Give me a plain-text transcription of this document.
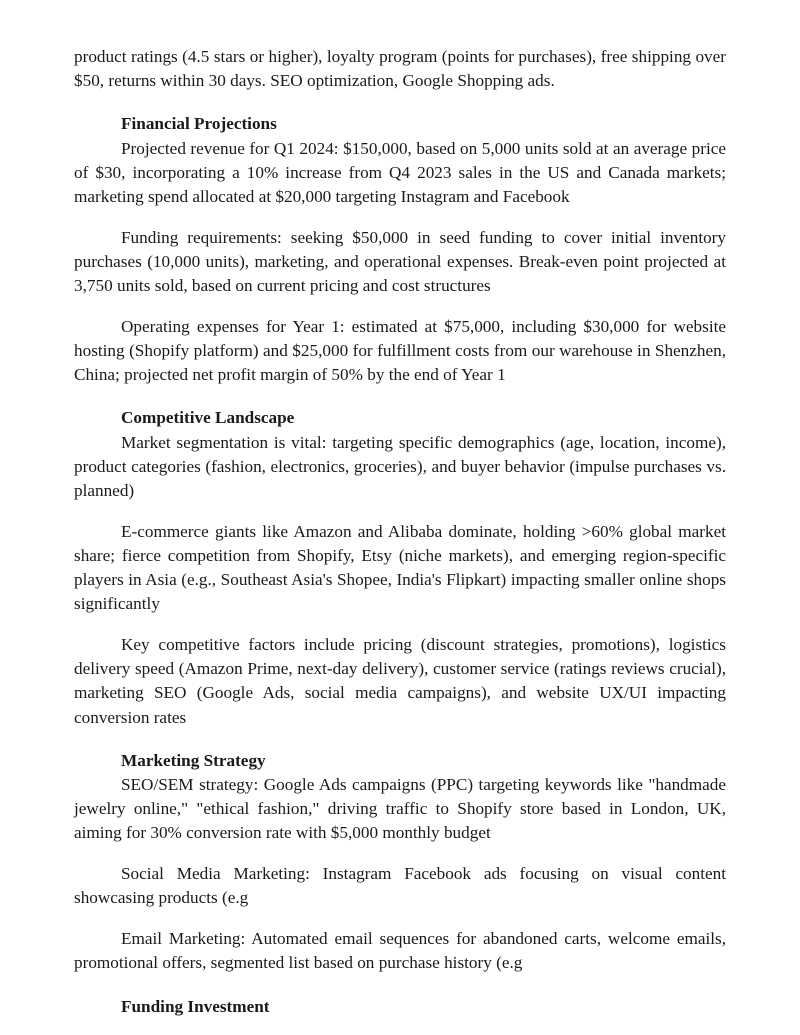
product ratings (4.5 stars or higher), loyalty program (points for purchases), free shipping over $50, returns within 30 days. SEO optimization, Google Shopping ads.

Financial Projections

Projected revenue for Q1 2024: $150,000, based on 5,000 units sold at an average price of $30, incorporating a 10% increase from Q4 2023 sales in the US and Canada markets; marketing spend allocated at $20,000 targeting Instagram and Facebook

Funding requirements: seeking $50,000 in seed funding to cover initial inventory purchases (10,000 units), marketing, and operational expenses. Break-even point projected at 3,750 units sold, based on current pricing and cost structures

Operating expenses for Year 1: estimated at $75,000, including $30,000 for website hosting (Shopify platform) and $25,000 for fulfillment costs from our warehouse in Shenzhen, China; projected net profit margin of 50% by the end of Year 1

Competitive Landscape

Market segmentation is vital: targeting specific demographics (age, location, income), product categories (fashion, electronics, groceries), and buyer behavior (impulse purchases vs. planned)

E-commerce giants like Amazon and Alibaba dominate, holding >60% global market share; fierce competition from Shopify, Etsy (niche markets), and emerging region-specific players in Asia (e.g., Southeast Asia's Shopee, India's Flipkart) impacting smaller online shops significantly

Key competitive factors include pricing (discount strategies, promotions), logistics delivery speed (Amazon Prime, next-day delivery), customer service (ratings reviews crucial), marketing SEO (Google Ads, social media campaigns), and website UX/UI impacting conversion rates

Marketing Strategy

SEO/SEM strategy: Google Ads campaigns (PPC) targeting keywords like "handmade jewelry online," "ethical fashion," driving traffic to Shopify store based in London, UK, aiming for 30% conversion rate with $5,000 monthly budget

Social Media Marketing: Instagram Facebook ads focusing on visual content showcasing products (e.g

Email Marketing: Automated email sequences for abandoned carts, welcome emails, promotional offers, segmented list based on purchase history (e.g

Funding Investment
